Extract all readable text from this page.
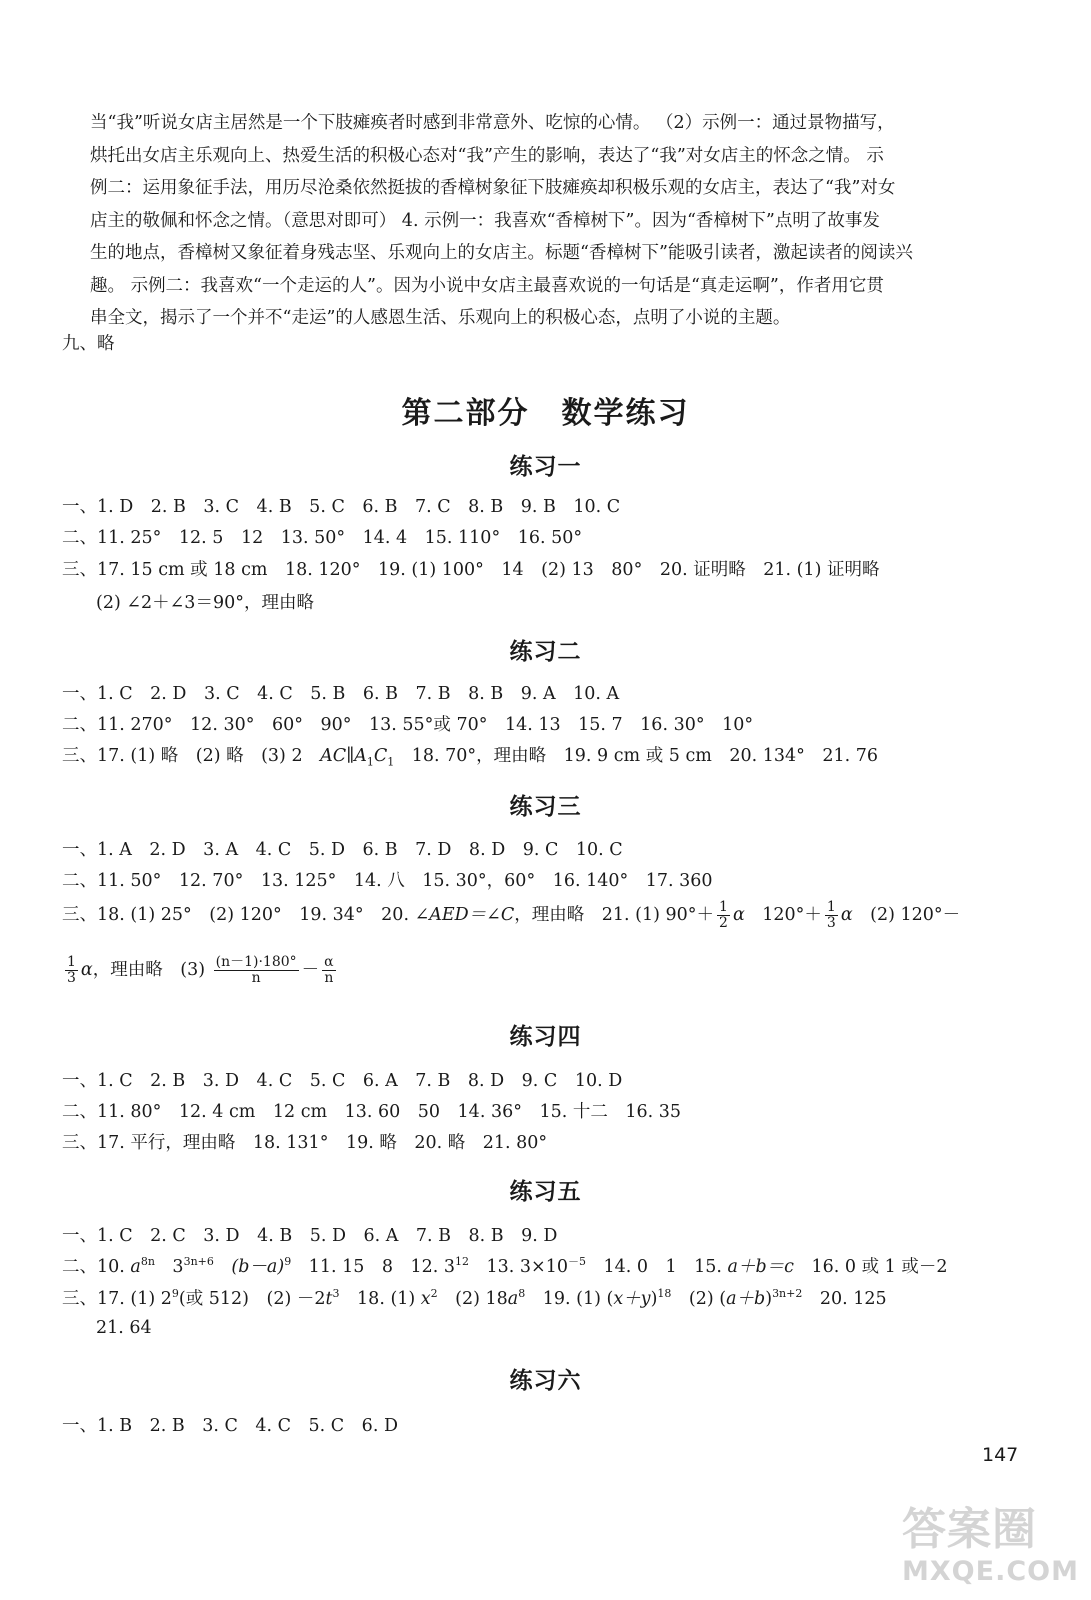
当“我”听说女店主居然是一个下肢瘫痪者时感到非常意外、吃惊的心情。 （2）示例一：通过景物描写，

烘托出女店主乐观向上、热爱生活的积极心态对“我”产生的影响，表达了“我”对女店主的怀念之情。 示

例二：运用象征手法，用历尽沧桑依然挺拔的香樟树象征下肢瘫痪却积极乐观的女店主，表达了“我”对女

店主的敬佩和怀念之情。（意思对即可） 4. 示例一：我喜欢“香樟树下”。因为“香樟树下”点明了故事发

生的地点，香樟树又象征着身残志坚、乐观向上的女店主。标题“香樟树下”能吸引读者，激起读者的阅读兴

趣。 示例二：我喜欢“一个走运的人”。因为小说中女店主最喜欢说的一句话是“真走运啊”，作者用它贯

串全文，揭示了一个并不“走运”的人感恩生活、乐观向上的积极心态，点明了小说的主题。

九、略
第二部分　数学练习
练习一
一、1. D　2. B　3. C　4. B　5. C　6. B　7. C　8. B　9. B　10. C
二、11. 25°　12. 5　12　13. 50°　14. 4　15. 110°　16. 50°
三、17. 15 cm 或 18 cm　18. 120°　19. (1) 100°　14　(2) 13　80°　20. 证明略　21. (1) 证明略
(2) ∠2＋∠3＝90°，理由略
练习二
一、1. C　2. D　3. C　4. C　5. B　6. B　7. B　8. B　9. A　10. A
二、11. 270°　12. 30°　60°　90°　13. 55°或 70°　14. 13　15. 7　16. 30°　10°
三、17. (1) 略　(2) 略　(3) 2　$AC\parallel A_1C_1$　18. 70°，理由略　19. 9 cm 或 5 cm　20. 134°　21. 76
练习三
一、1. A　2. D　3. A　4. C　5. D　6. B　7. D　8. D　9. C　10. C
二、11. 50°　12. 70°　13. 125°　14. 八　15. 30°，60°　16. 140°　17. 360
三、18. (1) 25°　(2) 120°　19. 34°　20. ∠AED＝∠C，理由略　21. (1) $90^\circ+ \frac{1}{2}$ α　$120^\circ+ \frac{1}{3}$ α　(2) 120°－
$\frac{1}{3}$ α，理由略　$(3) \frac{(n-1)\cdot 180^\circ}{n} - \frac{\alpha}{n}$
练习四
一、1. C　2. B　3. D　4. C　5. C　6. A　7. B　8. D　9. C　10. D
二、11. 80°　12. 4 cm　12 cm　13. 60　50　14. 36°　15. 十二　16. 35
三、17. 平行，理由略　18. 131°　19. 略　20. 略　21. 80°
练习五
一、1. C　2. C　3. D　4. B　5. D　6. A　7. B　8. B　9. D
二、10. $a^{8n}$　$3^{3n+6}$　$(b-a)^9$　11. 15　8　12. $3^{12}$　13. $3\times 10^{-5}$　14. 0　1　15. a＋b＝c　16. 0 或 1 或－2
三、17. (1) $2^9$(或 512)　$(2) -2t^3$　18. (1) $x^2$　(2) $18a^8$　19. (1) $(x+y)^{18}$　(2) $(a+b)^{3n+2}$　20. 125
21. 64
练习六
一、1. B　2. B　3. C　4. C　5. C　6. D
147
答案圈
MXQE.COM
